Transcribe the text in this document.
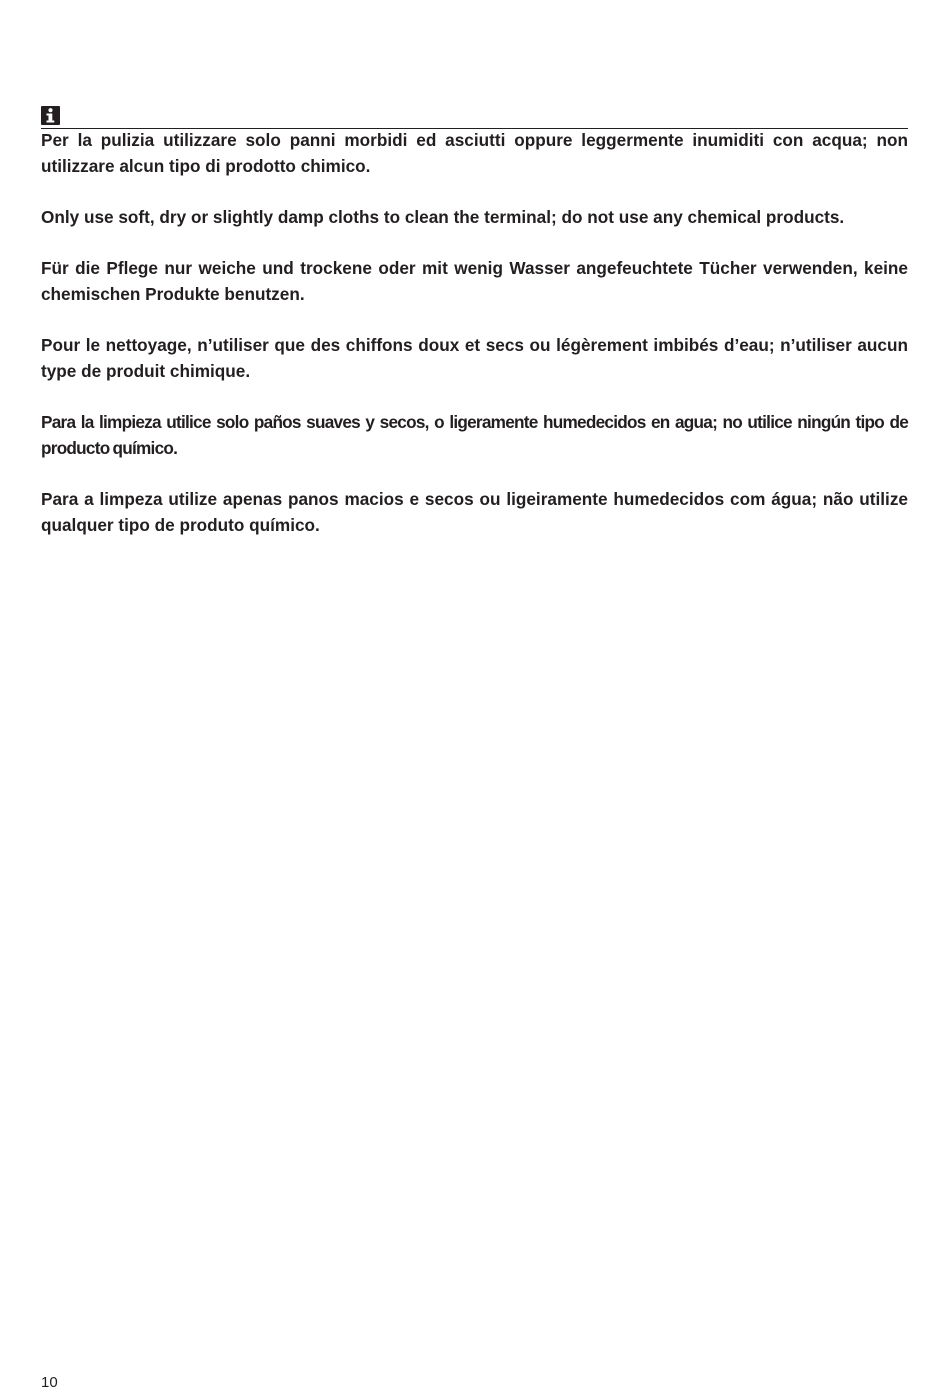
Per la pulizia utilizzare solo panni morbidi ed asciutti oppure leggermente inumiditi con acqua; non utilizzare alcun tipo di prodotto chimico.

Only use soft, dry or slightly damp cloths to clean the terminal; do not use any chemical products.

Für die Pflege nur weiche und trockene oder mit wenig Wasser angefeuchtete Tücher verwenden, keine chemischen Produkte benutzen.

Pour le nettoyage, n’utiliser que des chiffons doux et secs ou légèrement imbibés d’eau; n’utiliser aucun type de produit chimique.

Para la limpieza utilice solo paños suaves y secos, o ligeramente humedecidos en agua; no utilice ningún tipo de producto químico.

Para a limpeza utilize apenas panos macios e secos ou ligeiramente humedecidos com água; não utilize qualquer tipo de produto químico.

10
